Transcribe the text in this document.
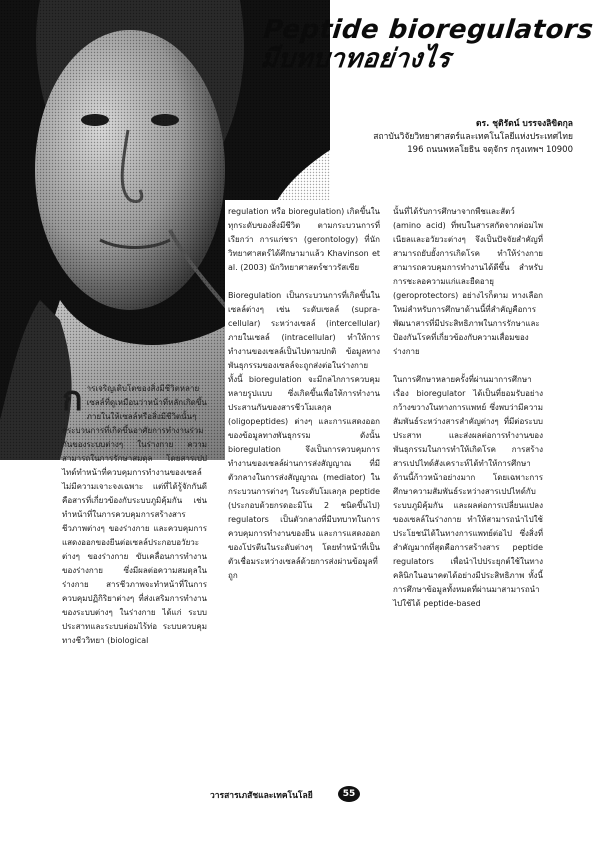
Peptide bioregulators
มีบทบาทอย่างไร
ดร. ชุติรัตน์ บรรจงลิขิตกุล
สถาบันวิจัยวิทยาศาสตร์และเทคโนโลยีแห่งประเทศไทย
196 ถนนพหลโยธิน จตุจักร กรุงเทพฯ 10900
การเจริญเติบโตของสิ่งมีชีวิตหลายเซลล์ที่ดูเหมือนว่าหน้าที่หลักเกิดขึ้นภายในให้เซลล์หรือสิ่งมีชีวิตนั้นๆ กระบวนการที่เกิดขึ้นอาศัยการทำงานร่วมกันของระบบต่างๆ ในร่างกาย ความสามารถในการรักษาสมดุล โดยสารเปปไทด์ทำหน้าที่ควบคุมการทำงานของเซลล์ไม่มีความเจาะจงเฉพาะ แต่ที่ได้รู้จักกันดีคือสารที่เกี่ยวข้องกับระบบภูมิคุ้มกัน เช่น ทำหน้าที่ในการควบคุมการสร้างสารชีวภาพต่างๆ ของร่างกาย และควบคุมการแสดงออกของยีนต่อเซลล์ประกอบอวัยวะต่างๆ ของร่างกาย ขับเคลื่อนการทำงานของร่างกาย ซึ่งมีผลต่อความสมดุลในร่างกาย สารชีวภาพจะทำหน้าที่ในการควบคุมปฏิกิริยาต่างๆ ที่ส่งเสริมการทำงานของระบบต่างๆ ในร่างกาย ได้แก่ ระบบประสาทและระบบต่อมไร้ท่อ ระบบควบคุมทางชีววิทยา (biological
regulation หรือ bioregulation) เกิดขึ้นในทุกระดับของสิ่งมีชีวิต ตามกระบวนการที่เรียกว่า การแก่ชรา (gerontology) ที่นักวิทยาศาสตร์ได้ศึกษามาแล้ว Khavinson et al. (2003) นักวิทยาศาสตร์ชาวรัสเซีย

Bioregulation เป็นกระบวนการที่เกิดขึ้นในเซลล์ต่างๆ เช่น ระดับเซลล์ (supra-cellular) ระหว่างเซลล์ (intercellular) ภายในเซลล์ (intracellular) ทำให้การทำงานของเซลล์เป็นไปตามปกติ ข้อมูลทางพันธุกรรมของเซลล์จะถูกส่งต่อในร่างกาย ทั้งนี้ bioregulation จะมีกลไกการควบคุมหลายรูปแบบ ซึ่งเกิดขึ้นเพื่อให้การทำงานประสานกันของสารชีวโมเลกุล (oligopeptides) ต่างๆ และการแสดงออกของข้อมูลทางพันธุกรรม ดังนั้น bioregulation จึงเป็นการควบคุมการทำงานของเซลล์ผ่านการส่งสัญญาณ ที่มีตัวกลางในการส่งสัญญาณ (mediator) ในกระบวนการต่างๆ ในระดับโมเลกุล peptide (ประกอบด้วยกรดอะมิโน 2 ชนิดขึ้นไป) regulators เป็นตัวกลางที่มีบทบาทในการควบคุมการทำงานของยีน และการแสดงออกของโปรตีนในระดับต่างๆ โดยทำหน้าที่เป็นตัวเชื่อมระหว่างเซลล์ด้วยการส่งผ่านข้อมูลที่ถูก
นั้นที่ได้รับการศึกษาจากพืชและสัตว์ (amino acid) ที่พบในสารสกัดจากต่อมไพเนียลและอวัยวะต่างๆ จึงเป็นปัจจัยสำคัญที่สามารถยับยั้งการเกิดโรค ทำให้ร่างกายสามารถควบคุมการทำงานได้ดีขึ้น สำหรับการชะลอความแก่และยืดอายุ (geroprotectors) อย่างไรก็ตาม ทางเลือกใหม่สำหรับการศึกษาด้านนี้ที่สำคัญคือการพัฒนาสารที่มีประสิทธิภาพในการรักษาและป้องกันโรคที่เกี่ยวข้องกับความเสื่อมของร่างกาย

ในการศึกษาหลายครั้งที่ผ่านมาการศึกษาเรื่อง bioregulator ได้เป็นที่ยอมรับอย่างกว้างขวางในทางการแพทย์ ซึ่งพบว่ามีความสัมพันธ์ระหว่างสารสำคัญต่างๆ ที่มีต่อระบบประสาท และส่งผลต่อการทำงานของพันธุกรรมในการทำให้เกิดโรค การสร้างสารเปปไทด์สังเคราะห์ได้ทำให้การศึกษาด้านนี้ก้าวหน้าอย่างมาก โดยเฉพาะการศึกษาความสัมพันธ์ระหว่างสารเปปไทด์กับระบบภูมิคุ้มกัน และผลต่อการเปลี่ยนแปลงของเซลล์ในร่างกาย ทำให้สามารถนำไปใช้ประโยชน์ได้ในทางการแพทย์ต่อไป ซึ่งสิ่งที่สำคัญมากที่สุดคือการสร้างสาร peptide regulators เพื่อนำไปประยุกต์ใช้ในทางคลินิกในอนาคตได้อย่างมีประสิทธิภาพ ทั้งนี้การศึกษาข้อมูลทั้งหมดที่ผ่านมาสามารถนำไปใช้ได้ peptide-based
วารสารเภสัชและเทคโนโลยี	55
